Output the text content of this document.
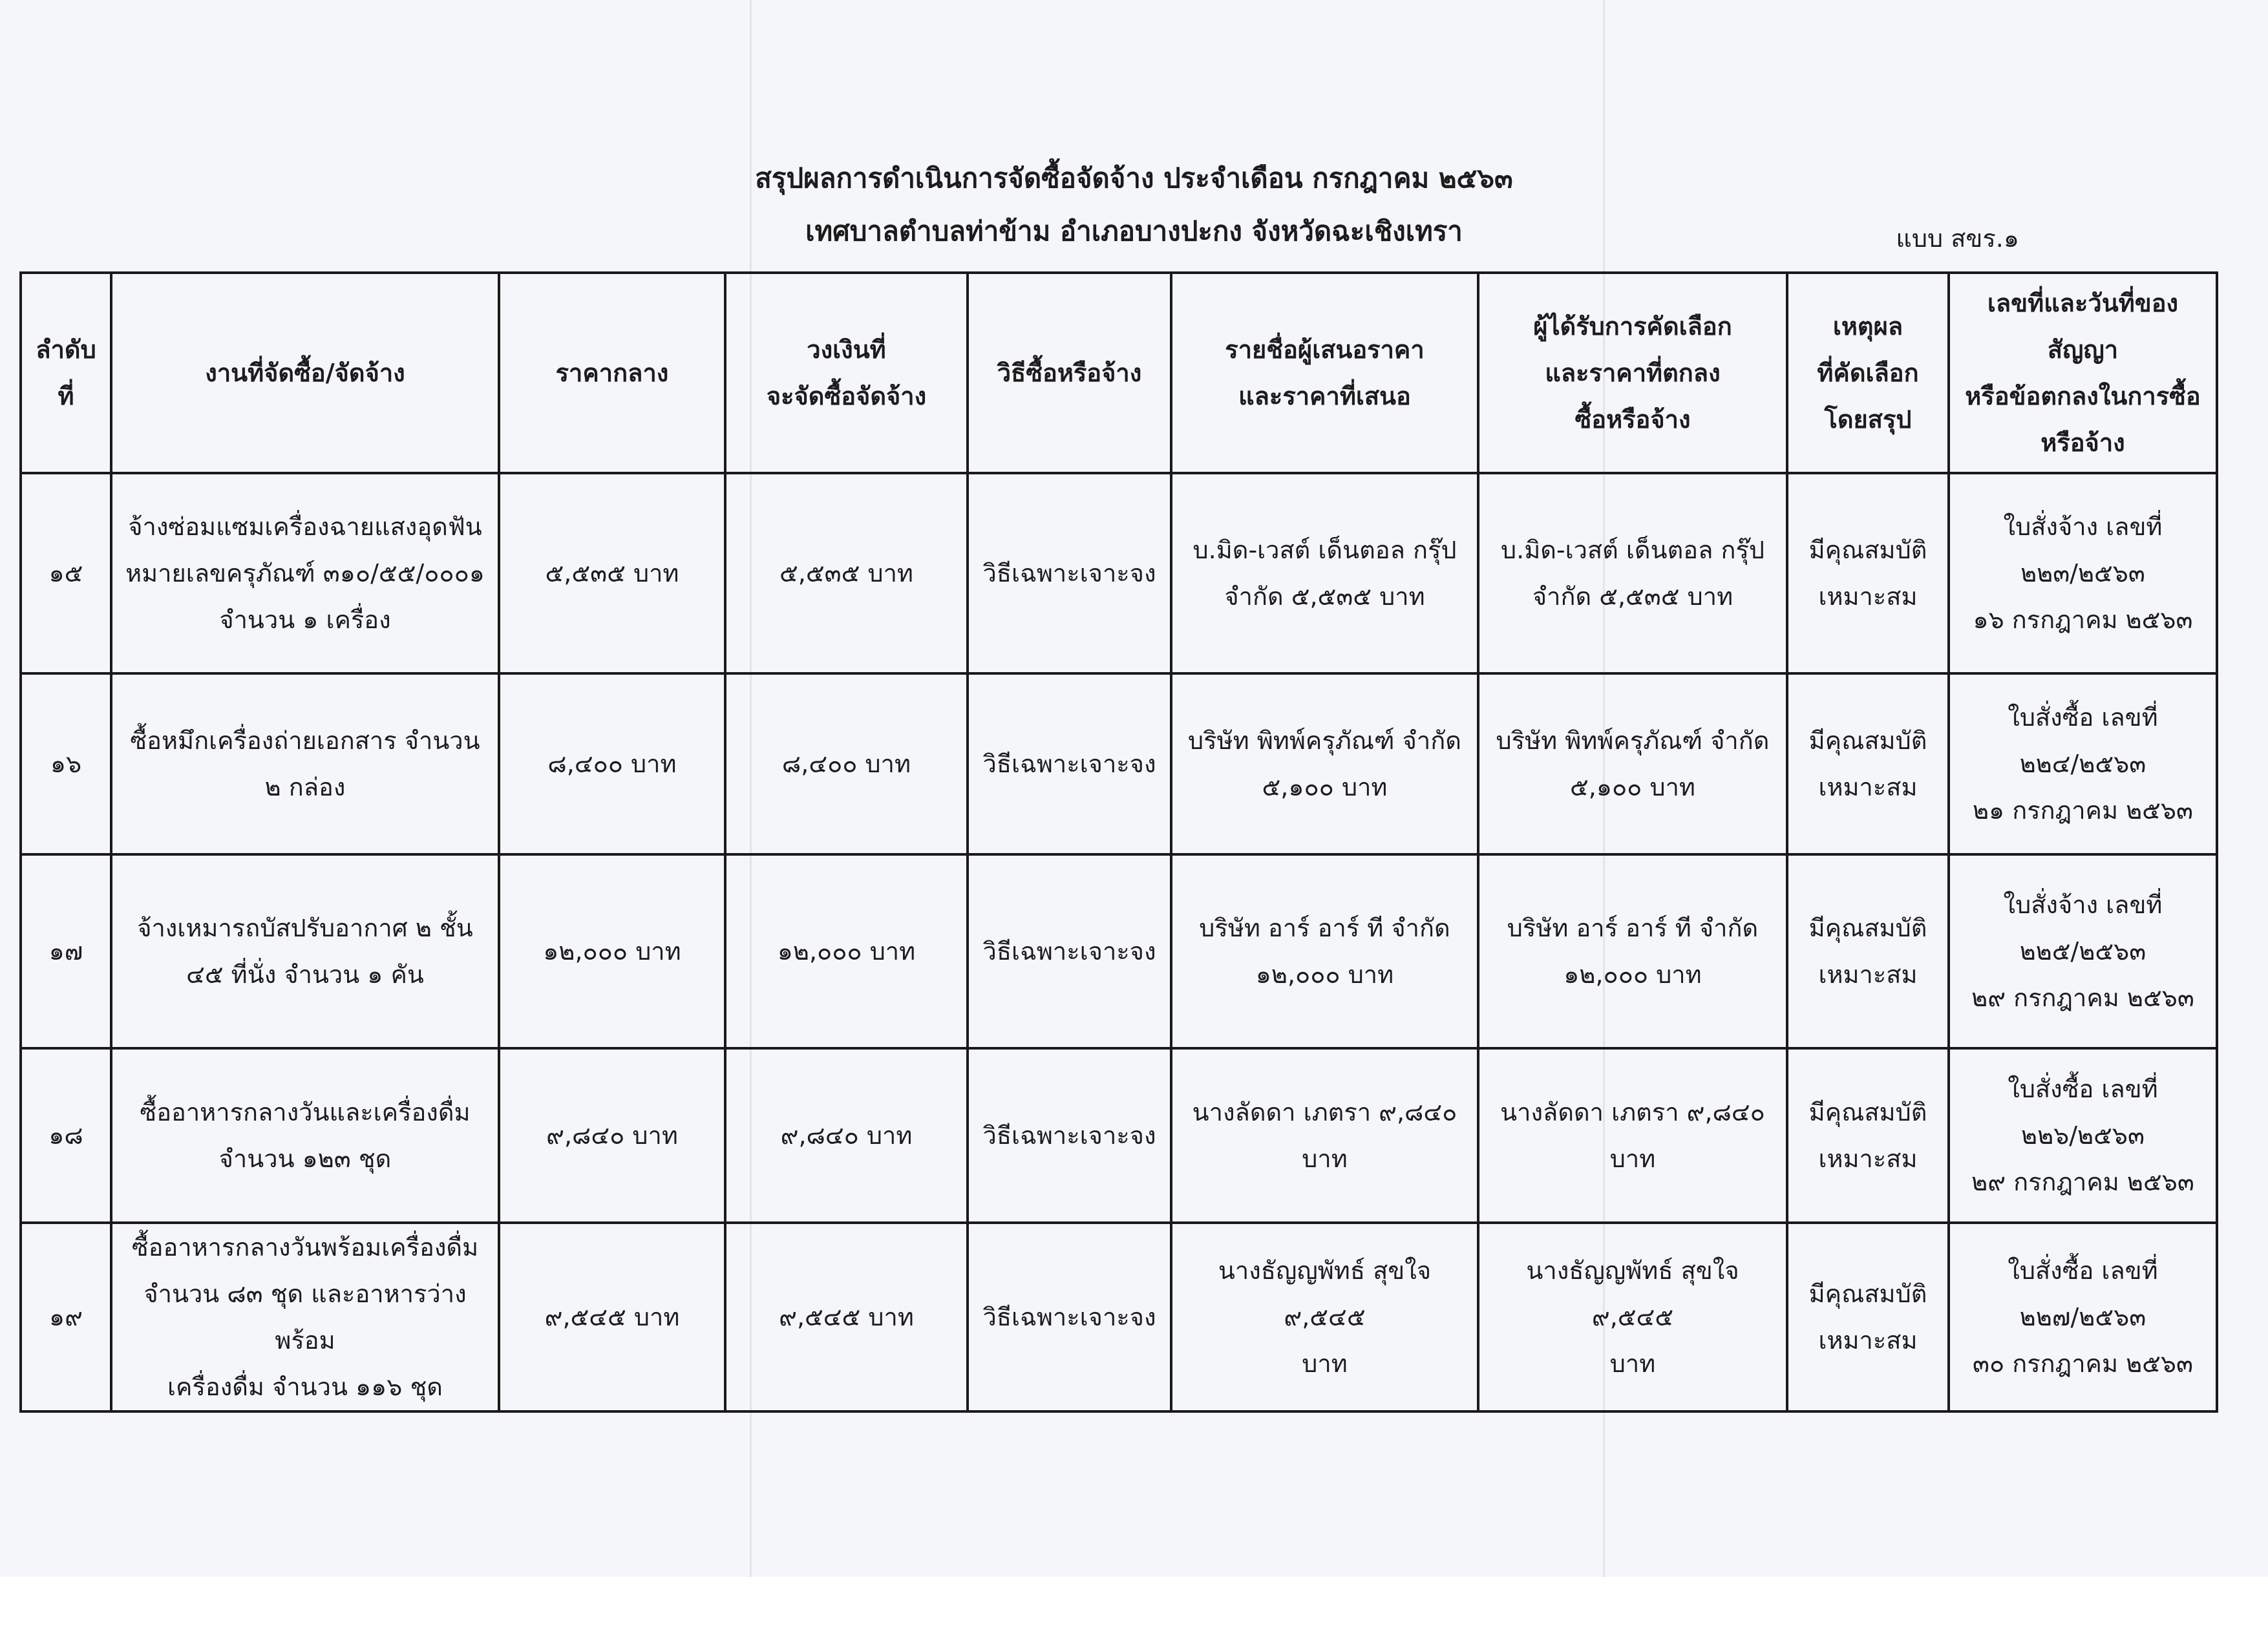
สรุปผลการดำเนินการจัดซื้อจัดจ้าง ประจำเดือน กรกฎาคม ๒๕๖๓
เทศบาลตำบลท่าข้าม อำเภอบางปะกง จังหวัดฉะเชิงเทรา	แบบ สขร.๑
ลำดับที่	งานที่จัดซื้อ/จัดจ้าง	ราคากลาง	วงเงินที่
จะจัดซื้อจัดจ้าง	วิธีซื้อหรือจ้าง	รายชื่อผู้เสนอราคา
และราคาที่เสนอ	ผู้ได้รับการคัดเลือก
และราคาที่ตกลง
ซื้อหรือจ้าง	เหตุผล
ที่คัดเลือก
โดยสรุป	เลขที่และวันที่ของ
สัญญา
หรือข้อตกลงในการซื้อ
หรือจ้าง

๑๕	จ้างซ่อมแซมเครื่องฉายแสงอุดฟัน
หมายเลขครุภัณฑ์ ๓๑๐/๕๕/๐๐๐๑
จำนวน ๑ เครื่อง	๕,๕๓๕ บาท	๕,๕๓๕ บาท	วิธีเฉพาะเจาะจง	บ.มิด-เวสต์ เด็นตอล กรุ๊ป
จำกัด ๕,๕๓๕ บาท	บ.มิด-เวสต์ เด็นตอล กรุ๊ป
จำกัด ๕,๕๓๕ บาท	มีคุณสมบัติ
เหมาะสม	ใบสั่งจ้าง เลขที่
๒๒๓/๒๕๖๓
๑๖ กรกฎาคม ๒๕๖๓

๑๖	ซื้อหมึกเครื่องถ่ายเอกสาร จำนวน
๒ กล่อง	๘,๔๐๐ บาท	๘,๔๐๐ บาท	วิธีเฉพาะเจาะจง	บริษัท พิทพ์ครุภัณฑ์ จำกัด
๕,๑๐๐ บาท	บริษัท พิทพ์ครุภัณฑ์ จำกัด
๕,๑๐๐ บาท	มีคุณสมบัติ
เหมาะสม	ใบสั่งซื้อ เลขที่
๒๒๔/๒๕๖๓
๒๑ กรกฎาคม ๒๕๖๓

๑๗	จ้างเหมารถบัสปรับอากาศ ๒ ชั้น
๔๕ ที่นั่ง จำนวน ๑ คัน	๑๒,๐๐๐ บาท	๑๒,๐๐๐ บาท	วิธีเฉพาะเจาะจง	บริษัท อาร์ อาร์ ที จำกัด
๑๒,๐๐๐ บาท	บริษัท อาร์ อาร์ ที จำกัด
๑๒,๐๐๐ บาท	มีคุณสมบัติ
เหมาะสม	ใบสั่งจ้าง เลขที่
๒๒๕/๒๕๖๓
๒๙ กรกฎาคม ๒๕๖๓

๑๘	ซื้ออาหารกลางวันและเครื่องดื่ม
จำนวน ๑๒๓ ชุด	๙,๘๔๐ บาท	๙,๘๔๐ บาท	วิธีเฉพาะเจาะจง	นางลัดดา เภตรา ๙,๘๔๐
บาท	นางลัดดา เภตรา ๙,๘๔๐
บาท	มีคุณสมบัติ
เหมาะสม	ใบสั่งซื้อ เลขที่
๒๒๖/๒๕๖๓
๒๙ กรกฎาคม ๒๕๖๓

๑๙	ซื้ออาหารกลางวันพร้อมเครื่องดื่ม
จำนวน ๘๓ ชุด และอาหารว่างพร้อม
เครื่องดื่ม จำนวน ๑๑๖ ชุด	๙,๕๔๕ บาท	๙,๕๔๕ บาท	วิธีเฉพาะเจาะจง	นางธัญญพัทธ์ สุขใจ ๙,๕๔๕
บาท	นางธัญญพัทธ์ สุขใจ ๙,๕๔๕
บาท	มีคุณสมบัติ
เหมาะสม	ใบสั่งซื้อ เลขที่
๒๒๗/๒๕๖๓
๓๐ กรกฎาคม ๒๕๖๓
